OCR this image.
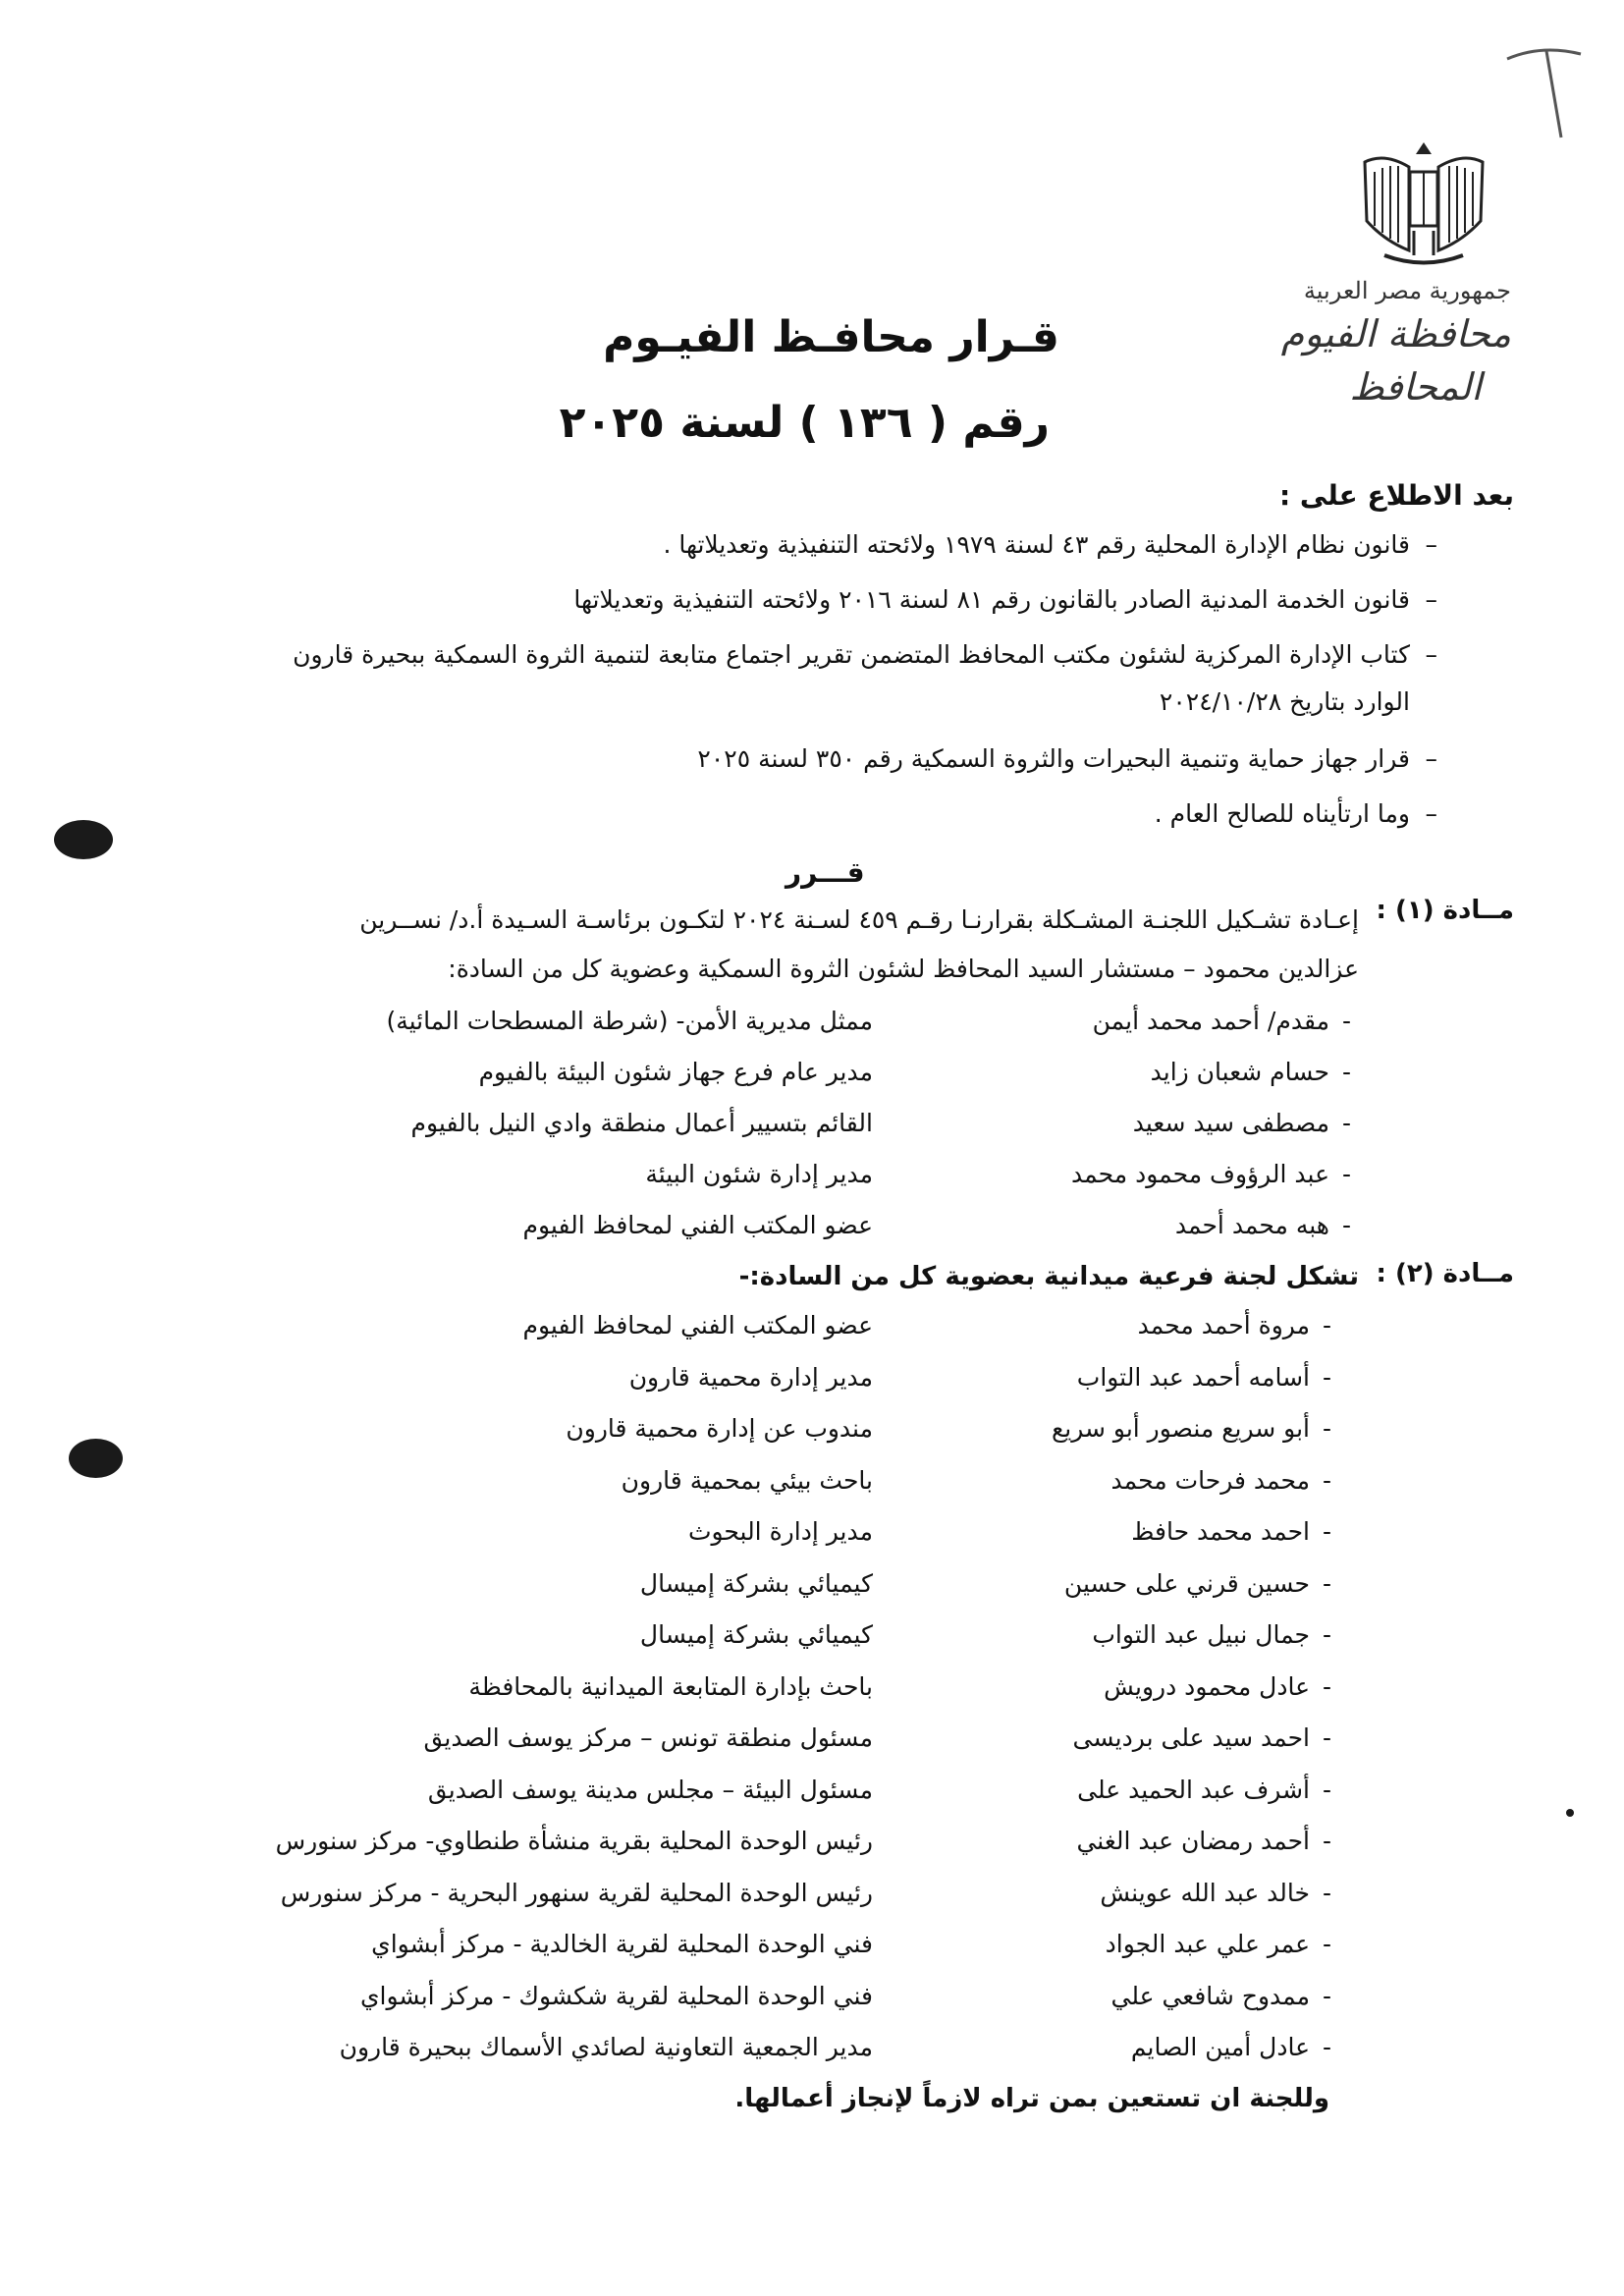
جمهورية مصر العربية
محافظة الفيوم
المحافظ
قـرار محافـظ الفيـوم
رقم ( ١٣٦ ) لسنة ٢٠٢٥
بعد الاطلاع على :
–
قانون نظام الإدارة المحلية رقم ٤٣ لسنة ١٩٧٩ ولائحته التنفيذية وتعديلاتها .
–
قانون الخدمة المدنية الصادر بالقانون رقم ٨١ لسنة ٢٠١٦ ولائحته التنفيذية وتعديلاتها
–
كتاب الإدارة المركزية لشئون مكتب المحافظ المتضمن تقرير اجتماع متابعة لتنمية الثروة السمكية ببحيرة قارون
الوارد بتاريخ ٢٠٢٤/١٠/٢٨
–
قرار جهاز حماية وتنمية البحيرات والثروة السمكية رقم ٣٥٠ لسنة ٢٠٢٥
–
وما ارتأيناه للصالح العام .
قـــرر
مــادة (١) :
إعـادة تشـكيل اللجنـة المشـكلة بقرارنـا رقـم ٤٥٩ لسـنة ٢٠٢٤ لتكـون برئاسـة السـيدة أ.د/ نســرين
عزالدين محمود – مستشار السيد المحافظ لشئون الثروة السمكية وعضوية كل من السادة:
-
مقدم/ أحمد محمد أيمن
ممثل مديرية الأمن- (شرطة المسطحات المائية)
-
حسام شعبان زايد
مدير عام فرع جهاز شئون البيئة بالفيوم
-
مصطفى سيد سعيد
القائم بتسيير أعمال منطقة وادي النيل بالفيوم
-
عبد الرؤوف محمود محمد
مدير إدارة شئون البيئة
-
هبه محمد أحمد
عضو المكتب الفني لمحافظ الفيوم
مــادة (٢) :
تشكل لجنة فرعية ميدانية بعضوية كل من السادة:-
-
مروة أحمد محمد
عضو المكتب الفني لمحافظ الفيوم
-
أسامه أحمد عبد التواب
مدير إدارة محمية قارون
-
أبو سريع منصور أبو سريع
مندوب عن إدارة محمية قارون
-
محمد فرحات محمد
باحث بيئي بمحمية قارون
-
احمد محمد حافظ
مدير إدارة البحوث
-
حسين قرني على حسين
كيميائي بشركة إميسال
-
جمال نبيل عبد التواب
كيميائي بشركة إميسال
-
عادل محمود درويش
باحث بإدارة المتابعة الميدانية بالمحافظة
-
احمد سيد على برديسى
مسئول منطقة تونس – مركز يوسف الصديق
-
أشرف عبد الحميد على
مسئول البيئة – مجلس مدينة يوسف الصديق
-
أحمد رمضان عبد الغني
رئيس الوحدة المحلية بقرية منشأة طنطاوي- مركز سنورس
-
خالد عبد الله عوينش
رئيس الوحدة المحلية لقرية سنهور البحرية - مركز سنورس
-
عمر علي عبد الجواد
فني الوحدة المحلية لقرية الخالدية - مركز أبشواي
-
ممدوح شافعي علي
فني الوحدة المحلية لقرية شكشوك - مركز أبشواي
-
عادل أمين الصايم
مدير الجمعية التعاونية لصائدي الأسماك ببحيرة قارون
وللجنة ان تستعين بمن تراه لازماً لإنجاز أعمالها.
